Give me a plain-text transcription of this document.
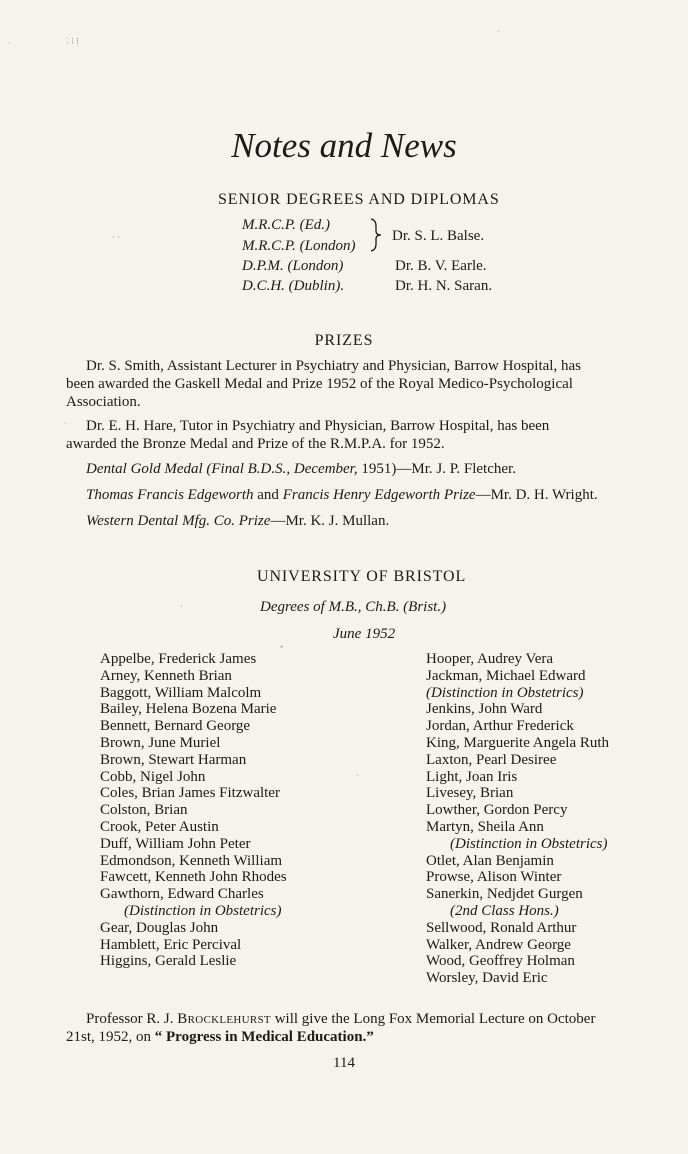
·	⁚ ⁝ ⁞
·
· ·
·
·
•
·
Notes and News
SENIOR DEGREES AND DIPLOMAS
M.R.C.P. (Ed.)
M.R.C.P. (London)
Dr. S. L. Balse.
D.P.M. (London)	Dr. B. V. Earle.
D.C.H. (Dublin).	Dr. H. N. Saran.
PRIZES
Dr. S. Smith, Assistant Lecturer in Psychiatry and Physician, Barrow Hospital, has
been awarded the Gaskell Medal and Prize 1952 of the Royal Medico-Psychological
Association.
Dr. E. H. Hare, Tutor in Psychiatry and Physician, Barrow Hospital, has been
awarded the Bronze Medal and Prize of the R.M.P.A. for 1952.
Dental Gold Medal (Final B.D.S., December, 1951)—Mr. J. P. Fletcher.
Thomas Francis Edgeworth and Francis Henry Edgeworth Prize—Mr. D. H. Wright.
Western Dental Mfg. Co. Prize—Mr. K. J. Mullan.
UNIVERSITY OF BRISTOL
Degrees of M.B., Ch.B. (Brist.)
June 1952
Appelbe, Frederick James
Arney, Kenneth Brian
Baggott, William Malcolm
Bailey, Helena Bozena Marie
Bennett, Bernard George
Brown, June Muriel
Brown, Stewart Harman
Cobb, Nigel John
Coles, Brian James Fitzwalter
Colston, Brian
Crook, Peter Austin
Duff, William John Peter
Edmondson, Kenneth William
Fawcett, Kenneth John Rhodes
Gawthorn, Edward Charles
(Distinction in Obstetrics)
Gear, Douglas John
Hamblett, Eric Percival
Higgins, Gerald Leslie
Hooper, Audrey Vera
Jackman, Michael Edward
(Distinction in Obstetrics)
Jenkins, John Ward
Jordan, Arthur Frederick
King, Marguerite Angela Ruth
Laxton, Pearl Desiree
Light, Joan Iris
Livesey, Brian
Lowther, Gordon Percy
Martyn, Sheila Ann
(Distinction in Obstetrics)
Otlet, Alan Benjamin
Prowse, Alison Winter
Sanerkin, Nedjdet Gurgen
(2nd Class Hons.)
Sellwood, Ronald Arthur
Walker, Andrew George
Wood, Geoffrey Holman
Worsley, David Eric
Professor R. J. Brocklehurst will give the Long Fox Memorial Lecture on October
21st, 1952, on “ Progress in Medical Education.”
114
